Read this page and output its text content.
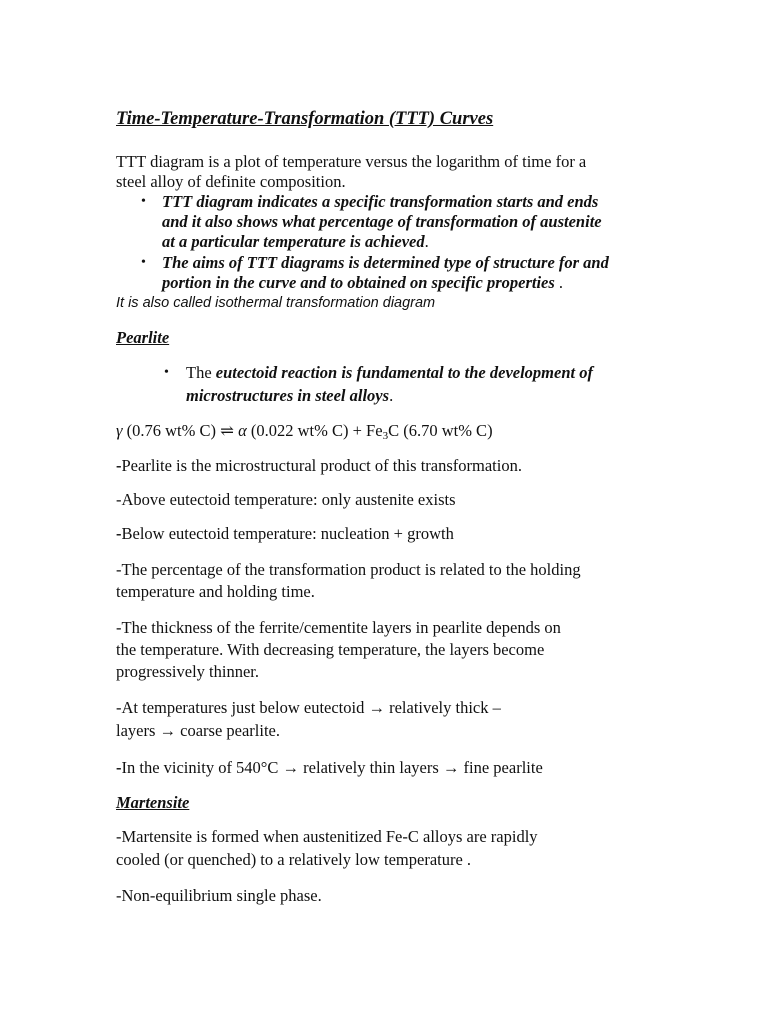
Time-Temperature-Transformation (TTT) Curves
TTT diagram is a plot of temperature versus the logarithm of time for a
steel alloy of definite composition.
• TTT diagram indicates a specific transformation starts and ends
and it also shows what percentage of transformation of austenite
at a particular temperature is achieved.
• The aims of TTT diagrams is determined type of structure for and
portion in the curve and to obtained on specific properties .
It is also called isothermal transformation diagram
Pearlite
• The eutectoid reaction is fundamental to the development of
microstructures in steel alloys.
γ (0.76 wt% C) ⇌ α (0.022 wt% $C) + Fe_3C$ (6.70 wt% C)
-Pearlite is the microstructural product of this transformation.
-Above eutectoid temperature: only austenite exists
-Below eutectoid temperature: nucleation + growth
-The percentage of the transformation product is related to the holding
temperature and holding time.
-The thickness of the ferrite/cementite layers in pearlite depends on
the temperature. With decreasing temperature, the layers become
progressively thinner.
-At temperatures just below eutectoid → relatively thick –
layers → coarse pearlite.
-In the vicinity of 540°C → relatively thin layers → fine pearlite
Martensite
-Martensite is formed when austenitized Fe-C alloys are rapidly
cooled (or quenched) to a relatively low temperature .
-Non-equilibrium single phase.
